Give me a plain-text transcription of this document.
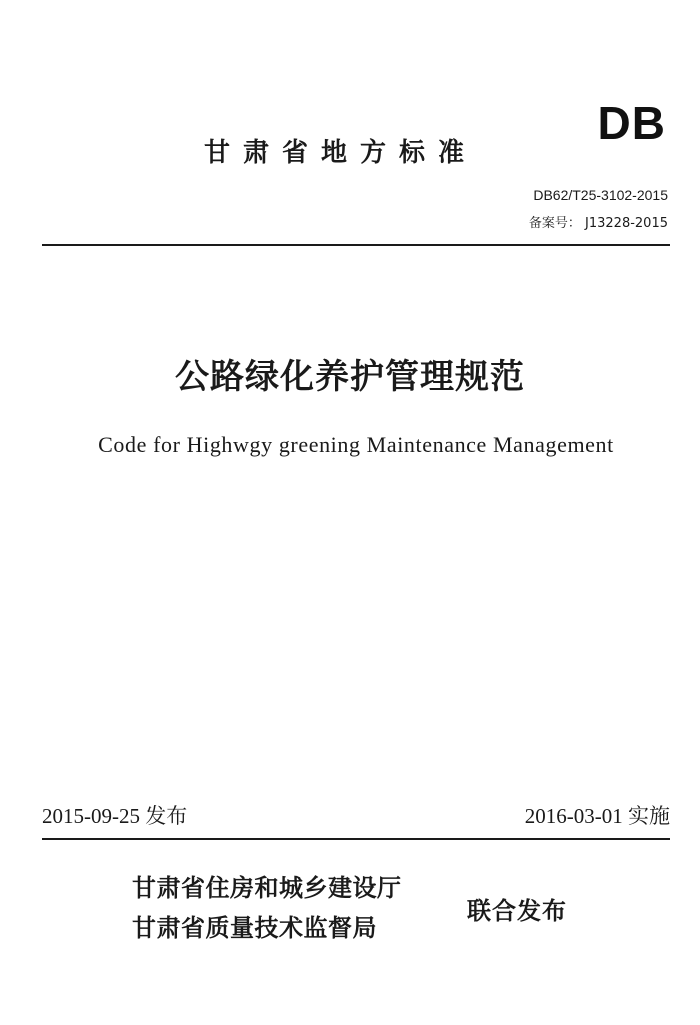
DB
甘肃省地方标准
DB62/T25-3102-2015
备案号： J13228-2015
公路绿化养护管理规范
Code for Highwgy greening Maintenance Management
2015-09-25 发布	2016-03-01 实施
甘肃省住房和城乡建设厅
甘肃省质量技术监督局
联合发布
